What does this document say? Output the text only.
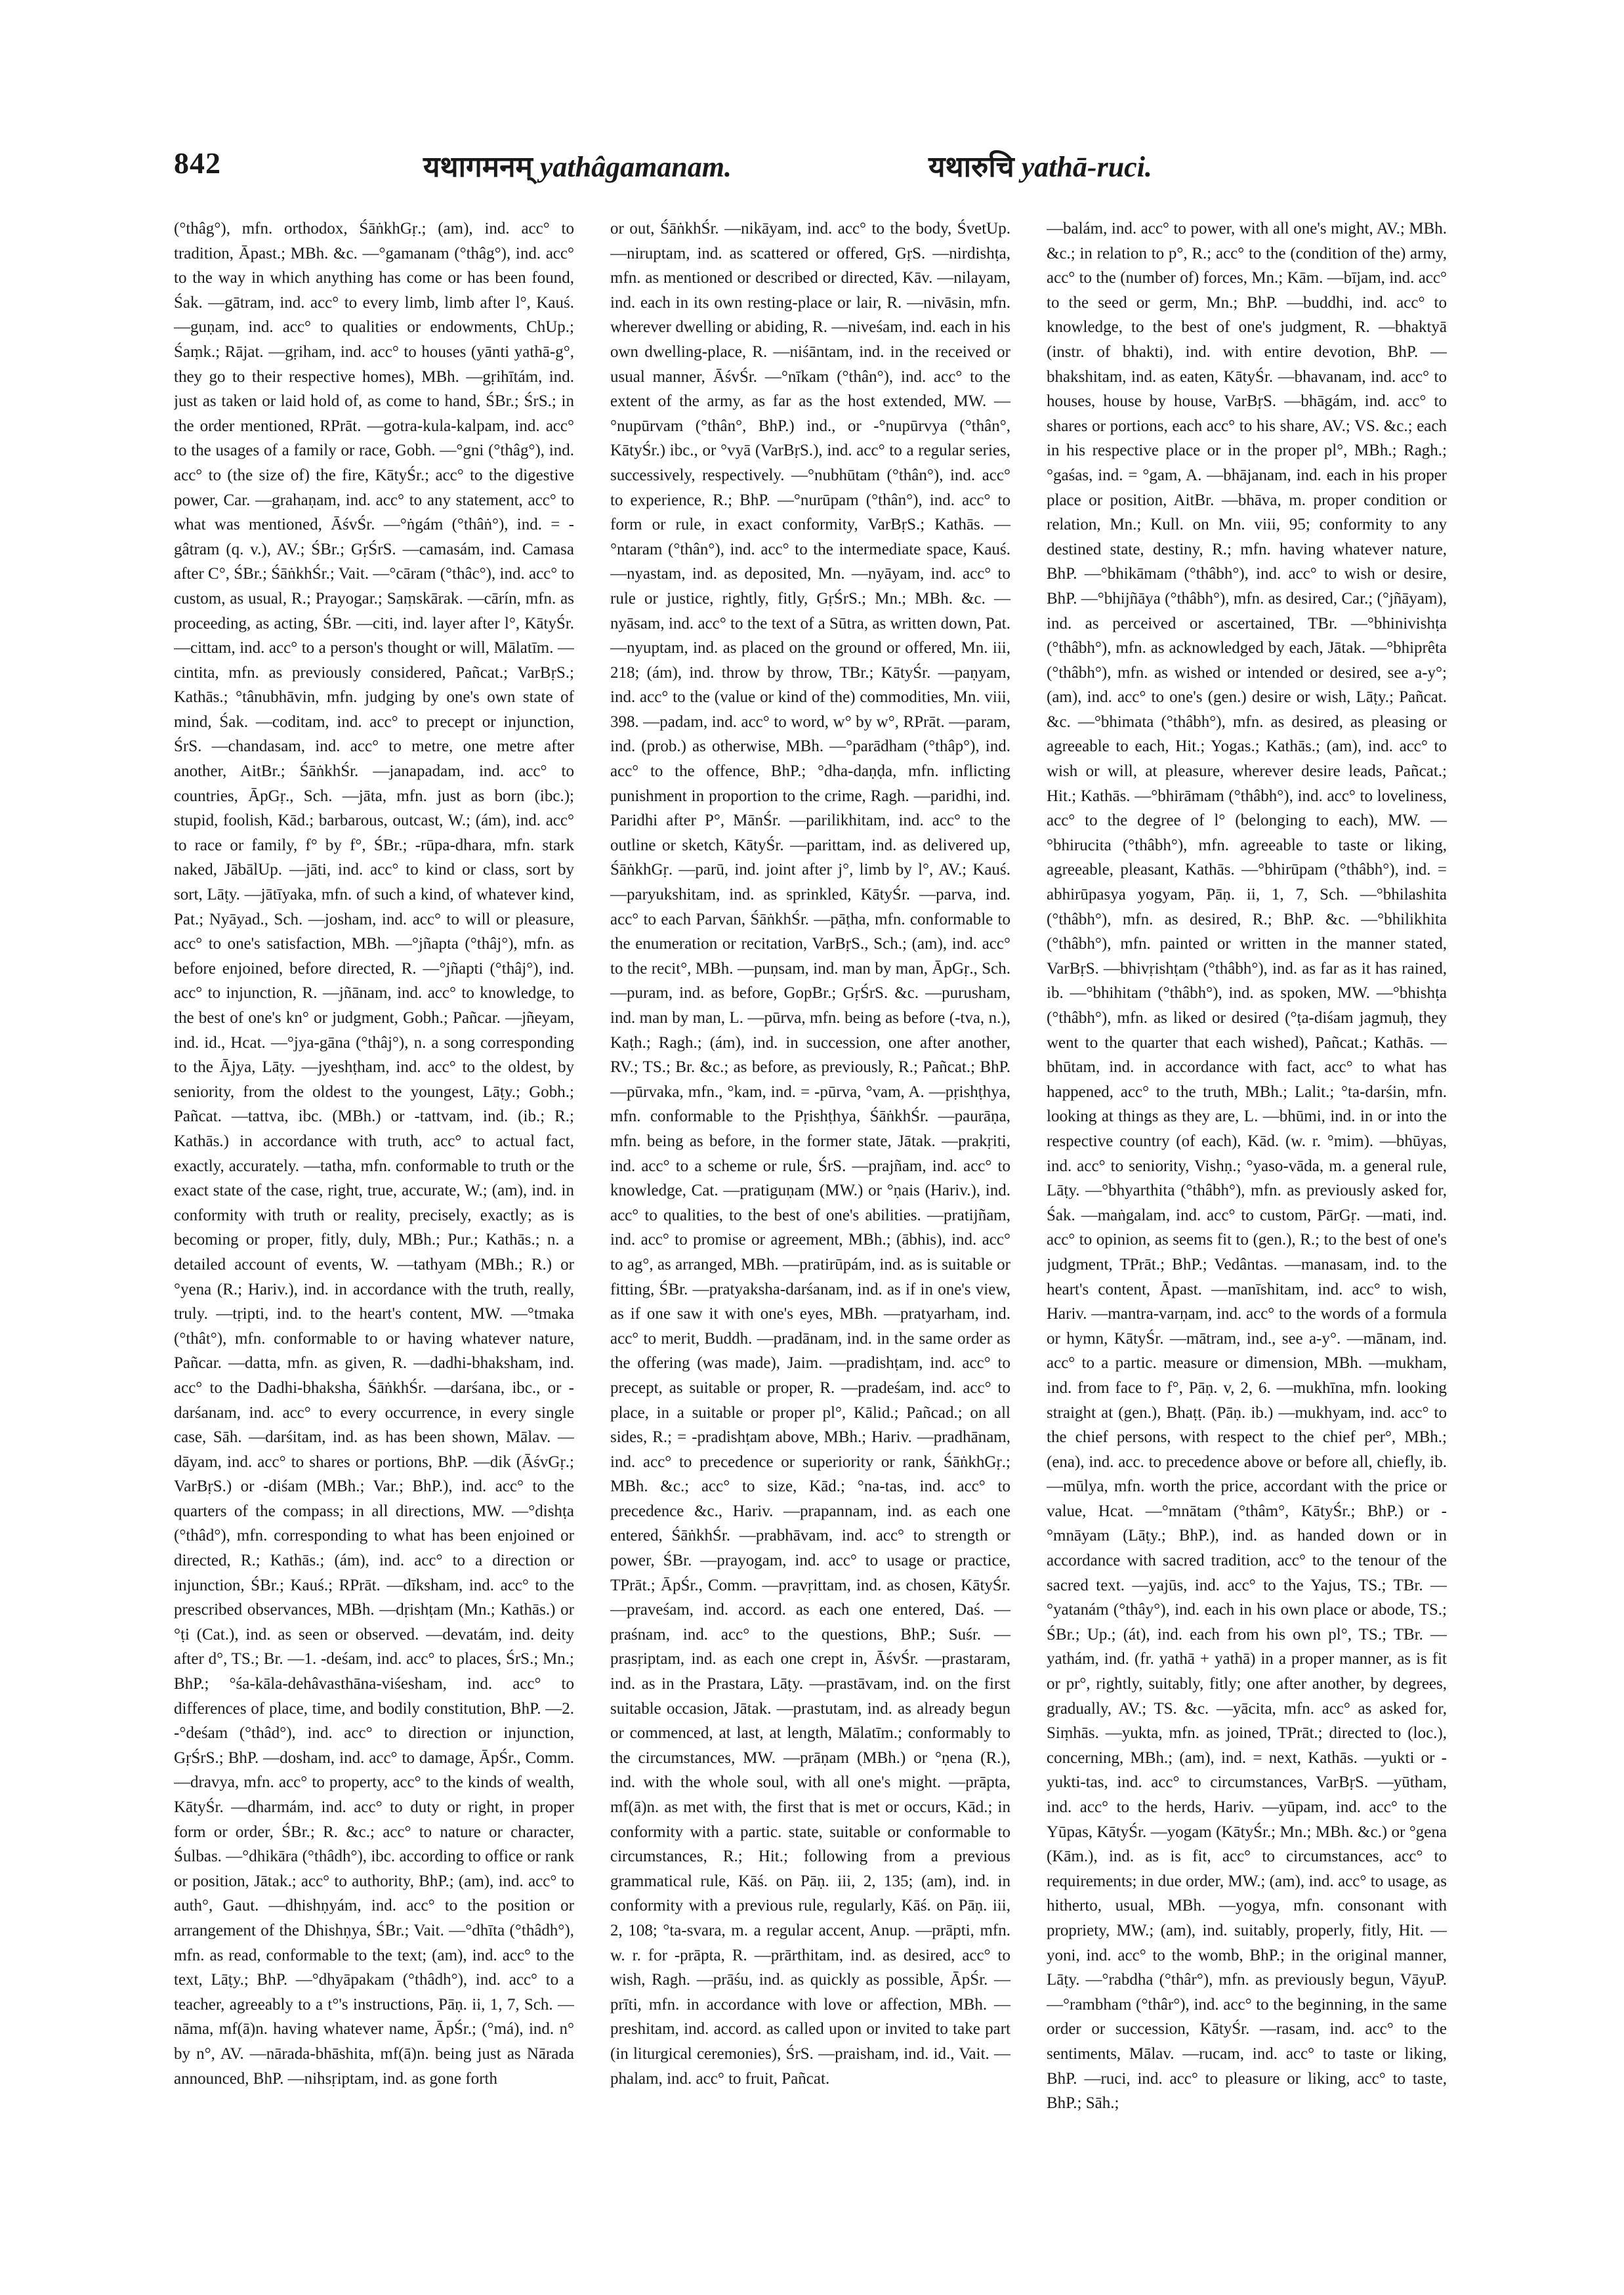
842	यथागमनम् yathâgamanam.	यथारुचि yathā-ruci.

(°thâg°), mfn. orthodox, ŚāṅkhGṛ.; (am), ind. acc° to tradition, Āpast.; MBh. &c. —°gamanam (°thâg°), ind. acc° to the way in which anything has come or has been found, Śak. —gātram, ind. acc° to every limb, limb after l°, Kauś. —guṇam, ind. acc° to qualities or endowments, ChUp.; Śaṃk.; Rājat. —gṛiham, ind. acc° to houses (yānti yathā-g°, they go to their respective homes), MBh. —gṛihītám, ind. just as taken or laid hold of, as come to hand, ŚBr.; ŚrS.; in the order mentioned, RPrāt. —gotra-kula-kalpam, ind. acc° to the usages of a family or race, Gobh. —°gni (°thâg°), ind. acc° to (the size of) the fire, KātyŚr.; acc° to the digestive power, Car. —grahaṇam, ind. acc° to any statement, acc° to what was mentioned, ĀśvŚr. —°ṅgám (°thâṅ°), ind. = -gâtram (q. v.), AV.; ŚBr.; GṛŚrS. —camasám, ind. Camasa after C°, ŚBr.; ŚāṅkhŚr.; Vait. —°cāram (°thâc°), ind. acc° to custom, as usual, R.; Prayogar.; Saṃskārak. —cārín, mfn. as proceeding, as acting, ŚBr. —citi, ind. layer after l°, KātyŚr. —cittam, ind. acc° to a person's thought or will, Mālatīm. —cintita, mfn. as previously considered, Pañcat.; VarBṛS.; Kathās.; °tânubhāvin, mfn. judging by one's own state of mind, Śak. —coditam, ind. acc° to precept or injunction, ŚrS. —chandasam, ind. acc° to metre, one metre after another, AitBr.; ŚāṅkhŚr. —janapadam, ind. acc° to countries, ĀpGṛ., Sch. —jāta, mfn. just as born (ibc.); stupid, foolish, Kād.; barbarous, outcast, W.; (ám), ind. acc° to race or family, f° by f°, ŚBr.; -rūpa-dhara, mfn. stark naked, JābālUp. —jāti, ind. acc° to kind or class, sort by sort, Lāṭy. —jātīyaka, mfn. of such a kind, of whatever kind, Pat.; Nyāyad., Sch. —josham, ind. acc° to will or pleasure, acc° to one's satisfaction, MBh. —°jñapta (°thâj°), mfn. as before enjoined, before directed, R. —°jñapti (°thâj°), ind. acc° to injunction, R. —jñānam, ind. acc° to knowledge, to the best of one's kn° or judgment, Gobh.; Pañcar. —jñeyam, ind. id., Hcat. —°jya-gāna (°thâj°), n. a song corresponding to the Ājya, Lāṭy. —jyeshṭham, ind. acc° to the oldest, by seniority, from the oldest to the youngest, Lāṭy.; Gobh.; Pañcat. —tattva, ibc. (MBh.) or -tattvam, ind. (ib.; R.; Kathās.) in accordance with truth, acc° to actual fact, exactly, accurately. —tatha, mfn. conformable to truth or the exact state of the case, right, true, accurate, W.; (am), ind. in conformity with truth or reality, precisely, exactly; as is becoming or proper, fitly, duly, MBh.; Pur.; Kathās.; n. a detailed account of events, W. —tathyam (MBh.; R.) or °yena (R.; Hariv.), ind. in accordance with the truth, really, truly. —tṛipti, ind. to the heart's content, MW. —°tmaka (°thât°), mfn. conformable to or having whatever nature, Pañcar. —datta, mfn. as given, R. —dadhi-bhaksham, ind. acc° to the Dadhi-bhaksha, ŚāṅkhŚr. —darśana, ibc., or -darśanam, ind. acc° to every occurrence, in every single case, Sāh. —darśitam, ind. as has been shown, Mālav. —dāyam, ind. acc° to shares or portions, BhP. —dik (ĀśvGṛ.; VarBṛS.) or -diśam (MBh.; Var.; BhP.), ind. acc° to the quarters of the compass; in all directions, MW. —°dishṭa (°thâd°), mfn. corresponding to what has been enjoined or directed, R.; Kathās.; (ám), ind. acc° to a direction or injunction, ŚBr.; Kauś.; RPrāt. —dīksham, ind. acc° to the prescribed observances, MBh. —dṛishṭam (Mn.; Kathās.) or °ṭi (Cat.), ind. as seen or observed. —devatám, ind. deity after d°, TS.; Br. —1. -deśam, ind. acc° to places, ŚrS.; Mn.; BhP.; °śa-kāla-dehâvasthāna-viśesham, ind. acc° to differences of place, time, and bodily constitution, BhP. —2. -°deśam (°thâd°), ind. acc° to direction or injunction, GṛŚrS.; BhP. —dosham, ind. acc° to damage, ĀpŚr., Comm. —dravya, mfn. acc° to property, acc° to the kinds of wealth, KātyŚr. —dharmám, ind. acc° to duty or right, in proper form or order, ŚBr.; R. &c.; acc° to nature or character, Śulbas. —°dhikāra (°thâdh°), ibc. according to office or rank or position, Jātak.; acc° to authority, BhP.; (am), ind. acc° to auth°, Gaut. —dhishṇyám, ind. acc° to the position or arrangement of the Dhishṇya, ŚBr.; Vait. —°dhīta (°thâdh°), mfn. as read, conformable to the text; (am), ind. acc° to the text, Lāṭy.; BhP. —°dhyāpakam (°thâdh°), ind. acc° to a teacher, agreeably to a t°'s instructions, Pāṇ. ii, 1, 7, Sch. —nāma, mf(ā)n. having whatever name, ĀpŚr.; (°má), ind. n° by n°, AV. —nārada-bhāshita, mf(ā)n. being just as Nārada announced, BhP. —nihsṛiptam, ind. as gone forth

or out, ŚāṅkhŚr. —nikāyam, ind. acc° to the body, ŚvetUp. —niruptam, ind. as scattered or offered, GṛS. —nirdishṭa, mfn. as mentioned or described or directed, Kāv. —nilayam, ind. each in its own resting-place or lair, R. —nivāsin, mfn. wherever dwelling or abiding, R. —niveśam, ind. each in his own dwelling-place, R. —niśāntam, ind. in the received or usual manner, ĀśvŚr. —°nīkam (°thân°), ind. acc° to the extent of the army, as far as the host extended, MW. —°nupūrvam (°thân°, BhP.) ind., or -°nupūrvya (°thân°, KātyŚr.) ibc., or °vyā (VarBṛS.), ind. acc° to a regular series, successively, respectively. —°nubhūtam (°thân°), ind. acc° to experience, R.; BhP. —°nurūpam (°thân°), ind. acc° to form or rule, in exact conformity, VarBṛS.; Kathās. —°ntaram (°thân°), ind. acc° to the intermediate space, Kauś. —nyastam, ind. as deposited, Mn. —nyāyam, ind. acc° to rule or justice, rightly, fitly, GṛŚrS.; Mn.; MBh. &c. —nyāsam, ind. acc° to the text of a Sūtra, as written down, Pat. —nyuptam, ind. as placed on the ground or offered, Mn. iii, 218; (ám), ind. throw by throw, TBr.; KātyŚr. —paṇyam, ind. acc° to the (value or kind of the) commodities, Mn. viii, 398. —padam, ind. acc° to word, w° by w°, RPrāt. —param, ind. (prob.) as otherwise, MBh. —°parādham (°thâp°), ind. acc° to the offence, BhP.; °dha-daṇḍa, mfn. inflicting punishment in proportion to the crime, Ragh. —paridhi, ind. Paridhi after P°, MānŚr. —parilikhitam, ind. acc° to the outline or sketch, KātyŚr. —parittam, ind. as delivered up, ŚāṅkhGṛ. —parū, ind. joint after j°, limb by l°, AV.; Kauś. —paryukshitam, ind. as sprinkled, KātyŚr. —parva, ind. acc° to each Parvan, ŚāṅkhŚr. —pāṭha, mfn. conformable to the enumeration or recitation, VarBṛS., Sch.; (am), ind. acc° to the recit°, MBh. —puṇsam, ind. man by man, ĀpGṛ., Sch. —puram, ind. as before, GopBr.; GṛŚrS. &c. —purusham, ind. man by man, L. —pūrva, mfn. being as before (-tva, n.), Kaṭh.; Ragh.; (ám), ind. in succession, one after another, RV.; TS.; Br. &c.; as before, as previously, R.; Pañcat.; BhP. —pūrvaka, mfn., °kam, ind. = -pūrva, °vam, A. —pṛishṭhya, mfn. conformable to the Pṛishṭhya, ŚāṅkhŚr. —paurāṇa, mfn. being as before, in the former state, Jātak. —prakṛiti, ind. acc° to a scheme or rule, ŚrS. —prajñam, ind. acc° to knowledge, Cat. —pratiguṇam (MW.) or °ṇais (Hariv.), ind. acc° to qualities, to the best of one's abilities. —pratijñam, ind. acc° to promise or agreement, MBh.; (ābhis), ind. acc° to ag°, as arranged, MBh. —pratirūpám, ind. as is suitable or fitting, ŚBr. —pratyaksha-darśanam, ind. as if in one's view, as if one saw it with one's eyes, MBh. —pratyarham, ind. acc° to merit, Buddh. —pradānam, ind. in the same order as the offering (was made), Jaim. —pradishṭam, ind. acc° to precept, as suitable or proper, R. —pradeśam, ind. acc° to place, in a suitable or proper pl°, Kālid.; Pañcad.; on all sides, R.; = -pradishṭam above, MBh.; Hariv. —pradhānam, ind. acc° to precedence or superiority or rank, ŚāṅkhGṛ.; MBh. &c.; acc° to size, Kād.; °na-tas, ind. acc° to precedence &c., Hariv. —prapannam, ind. as each one entered, ŚāṅkhŚr. —prabhāvam, ind. acc° to strength or power, ŚBr. —prayogam, ind. acc° to usage or practice, TPrāt.; ĀpŚr., Comm. —pravṛittam, ind. as chosen, KātyŚr. —praveśam, ind. accord. as each one entered, Daś. —praśnam, ind. acc° to the questions, BhP.; Suśr. —prasṛiptam, ind. as each one crept in, ĀśvŚr. —prastaram, ind. as in the Prastara, Lāṭy. —prastāvam, ind. on the first suitable occasion, Jātak. —prastutam, ind. as already begun or commenced, at last, at length, Mālatīm.; conformably to the circumstances, MW. —prāṇam (MBh.) or °ṇena (R.), ind. with the whole soul, with all one's might. —prāpta, mf(ā)n. as met with, the first that is met or occurs, Kād.; in conformity with a partic. state, suitable or conformable to circumstances, R.; Hit.; following from a previous grammatical rule, Kāś. on Pāṇ. iii, 2, 135; (am), ind. in conformity with a previous rule, regularly, Kāś. on Pāṇ. iii, 2, 108; °ta-svara, m. a regular accent, Anup. —prāpti, mfn. w. r. for -prāpta, R. —prārthitam, ind. as desired, acc° to wish, Ragh. —prāśu, ind. as quickly as possible, ĀpŚr. —prīti, mfn. in accordance with love or affection, MBh. —preshitam, ind. accord. as called upon or invited to take part (in liturgical ceremonies), ŚrS. —praisham, ind. id., Vait. —phalam, ind. acc° to fruit, Pañcat.

—balám, ind. acc° to power, with all one's might, AV.; MBh. &c.; in relation to p°, R.; acc° to the (condition of the) army, acc° to the (number of) forces, Mn.; Kām. —bījam, ind. acc° to the seed or germ, Mn.; BhP. —buddhi, ind. acc° to knowledge, to the best of one's judgment, R. —bhaktyā (instr. of bhakti), ind. with entire devotion, BhP. —bhakshitam, ind. as eaten, KātyŚr. —bhavanam, ind. acc° to houses, house by house, VarBṛS. —bhāgám, ind. acc° to shares or portions, each acc° to his share, AV.; VS. &c.; each in his respective place or in the proper pl°, MBh.; Ragh.; °gaśas, ind. = °gam, A. —bhājanam, ind. each in his proper place or position, AitBr. —bhāva, m. proper condition or relation, Mn.; Kull. on Mn. viii, 95; conformity to any destined state, destiny, R.; mfn. having whatever nature, BhP. —°bhikāmam (°thâbh°), ind. acc° to wish or desire, BhP. —°bhijñāya (°thâbh°), mfn. as desired, Car.; (°jñāyam), ind. as perceived or ascertained, TBr. —°bhinivishṭa (°thâbh°), mfn. as acknowledged by each, Jātak. —°bhiprêta (°thâbh°), mfn. as wished or intended or desired, see a-y°; (am), ind. acc° to one's (gen.) desire or wish, Lāṭy.; Pañcat. &c. —°bhimata (°thâbh°), mfn. as desired, as pleasing or agreeable to each, Hit.; Yogas.; Kathās.; (am), ind. acc° to wish or will, at pleasure, wherever desire leads, Pañcat.; Hit.; Kathās. —°bhirāmam (°thâbh°), ind. acc° to loveliness, acc° to the degree of l° (belonging to each), MW. —°bhirucita (°thâbh°), mfn. agreeable to taste or liking, agreeable, pleasant, Kathās. —°bhirūpam (°thâbh°), ind. = abhirūpasya yogyam, Pāṇ. ii, 1, 7, Sch. —°bhilashita (°thâbh°), mfn. as desired, R.; BhP. &c. —°bhilikhita (°thâbh°), mfn. painted or written in the manner stated, VarBṛS. —bhivṛishṭam (°thâbh°), ind. as far as it has rained, ib. —°bhihitam (°thâbh°), ind. as spoken, MW. —°bhishṭa (°thâbh°), mfn. as liked or desired (°ṭa-diśam jagmuḥ, they went to the quarter that each wished), Pañcat.; Kathās. —bhūtam, ind. in accordance with fact, acc° to what has happened, acc° to the truth, MBh.; Lalit.; °ta-darśin, mfn. looking at things as they are, L. —bhūmi, ind. in or into the respective country (of each), Kād. (w. r. °mim). —bhūyas, ind. acc° to seniority, Vishṇ.; °yaso-vāda, m. a general rule, Lāṭy. —°bhyarthita (°thâbh°), mfn. as previously asked for, Śak. —maṅgalam, ind. acc° to custom, PārGṛ. —mati, ind. acc° to opinion, as seems fit to (gen.), R.; to the best of one's judgment, TPrāt.; BhP.; Vedântas. —manasam, ind. to the heart's content, Āpast. —manīshitam, ind. acc° to wish, Hariv. —mantra-varṇam, ind. acc° to the words of a formula or hymn, KātyŚr. —mātram, ind., see a-y°. —mānam, ind. acc° to a partic. measure or dimension, MBh. —mukham, ind. from face to f°, Pāṇ. v, 2, 6. —mukhīna, mfn. looking straight at (gen.), Bhaṭṭ. (Pāṇ. ib.) —mukhyam, ind. acc° to the chief persons, with respect to the chief per°, MBh.; (ena), ind. acc. to precedence above or before all, chiefly, ib. —mūlya, mfn. worth the price, accordant with the price or value, Hcat. —°mnātam (°thâm°, KātyŚr.; BhP.) or -°mnāyam (Lāṭy.; BhP.), ind. as handed down or in accordance with sacred tradition, acc° to the tenour of the sacred text. —yajūs, ind. acc° to the Yajus, TS.; TBr. —°yatanám (°thây°), ind. each in his own place or abode, TS.; ŚBr.; Up.; (át), ind. each from his own pl°, TS.; TBr. —yathám, ind. (fr. yathā + yathā) in a proper manner, as is fit or pr°, rightly, suitably, fitly; one after another, by degrees, gradually, AV.; TS. &c. —yācita, mfn. acc° as asked for, Siṃhās. —yukta, mfn. as joined, TPrāt.; directed to (loc.), concerning, MBh.; (am), ind. = next, Kathās. —yukti or -yukti-tas, ind. acc° to circumstances, VarBṛS. —yūtham, ind. acc° to the herds, Hariv. —yūpam, ind. acc° to the Yūpas, KātyŚr. —yogam (KātyŚr.; Mn.; MBh. &c.) or °gena (Kām.), ind. as is fit, acc° to circumstances, acc° to requirements; in due order, MW.; (am), ind. acc° to usage, as hitherto, usual, MBh. —yogya, mfn. consonant with propriety, MW.; (am), ind. suitably, properly, fitly, Hit. —yoni, ind. acc° to the womb, BhP.; in the original manner, Lāṭy. —°rabdha (°thâr°), mfn. as previously begun, VāyuP. —°rambham (°thâr°), ind. acc° to the beginning, in the same order or succession, KātyŚr. —rasam, ind. acc° to the sentiments, Mālav. —rucam, ind. acc° to taste or liking, BhP. —ruci, ind. acc° to pleasure or liking, acc° to taste, BhP.; Sāh.;
